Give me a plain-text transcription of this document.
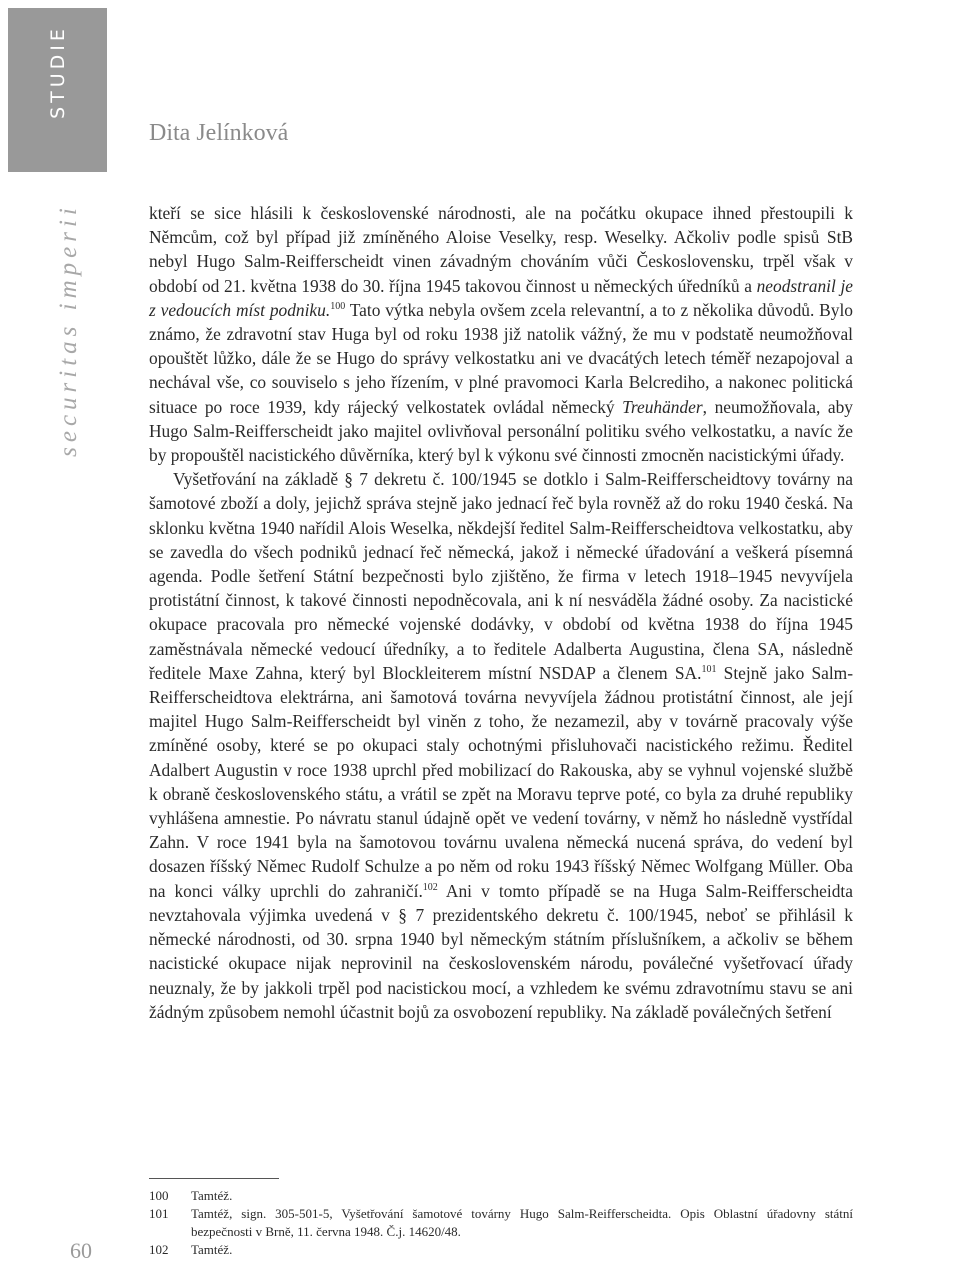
STUDIE
Dita Jelínková
securitas imperii	kteří se sice hlásili k československé národnosti, ale na počátku okupace ihned přestoupili k Němcům, což byl případ již zmíněného Aloise Veselky, resp. Weselky. Ačkoliv podle spisů StB nebyl Hugo Salm-Reifferscheidt vinen závadným chováním vůči Československu, trpěl však v období od 21. května 1938 do 30. října 1945 takovou činnost u německých úředníků a neodstranil je z vedoucích míst podniku.$^{100}$ Tato výtka nebyla ovšem zcela relevantní, a to z několika důvodů. Bylo známo, že zdravotní stav Huga byl od roku 1938 již natolik vážný, že mu v podstatě neumožňoval opouštět lůžko, dále že se Hugo do správy velkostatku ani ve dvacátých letech téměř nezapojoval a nechával vše, co souviselo s jeho řízením, v plné pravomoci Karla Belcrediho, a nakonec politická situace po roce 1939, kdy rájecký velkostatek ovládal německý Treuhänder, neumožňovala, aby Hugo Salm-Reifferscheidt jako majitel ovlivňoval personální politiku svého velkostatku, a navíc že by propouštěl nacistického důvěrníka, který byl k výkonu své činnosti zmocněn nacistickými úřady.

Vyšetřování na základě § 7 dekretu č. 100/1945 se dotklo i Salm-Reifferscheidtovy továrny na šamotové zboží a doly, jejichž správa stejně jako jednací řeč byla rovněž až do roku 1940 česká. Na sklonku května 1940 nařídil Alois Weselka, někdejší ředitel Salm-Reifferscheidtova velkostatku, aby se zavedla do všech podniků jednací řeč německá, jakož i německé úřadování a veškerá písemná agenda. Podle šetření Státní bezpečnosti bylo zjištěno, že firma v letech 1918–1945 nevyvíjela protistátní činnost, k takové činnosti nepodněcovala, ani k ní nesváděla žádné osoby. Za nacistické okupace pracovala pro německé vojenské dodávky, v období od května 1938 do října 1945 zaměstnávala německé vedoucí úředníky, a to ředitele Adalberta Augustina, člena SA, následně ředitele Maxe Zahna, který byl Blockleiterem místní NSDAP a členem SA.$^{101}$ Stejně jako Salm-Reifferscheidtova elektrárna, ani šamotová továrna nevyvíjela žádnou protistátní činnost, ale její majitel Hugo Salm-Reifferscheidt byl viněn z toho, že nezamezil, aby v továrně pracovaly výše zmíněné osoby, které se po okupaci staly ochotnými přisluhovači nacistického režimu. Ředitel Adalbert Augustin v roce 1938 uprchl před mobilizací do Rakouska, aby se vyhnul vojenské službě k obraně československého státu, a vrátil se zpět na Moravu teprve poté, co byla za druhé republiky vyhlášena amnestie. Po návratu stanul údajně opět ve vedení továrny, v němž ho následně vystřídal Zahn. V roce 1941 byla na šamotovou továrnu uvalena německá nucená správa, do vedení byl dosazen říšský Němec Rudolf Schulze a po něm od roku 1943 říšský Němec Wolfgang Müller. Oba na konci války uprchli do zahraničí.$^{102}$ Ani v tomto případě se na Huga Salm-Reifferscheidta nevztahovala výjimka uvedená v § 7 prezidentského dekretu č. 100/1945, neboť se přihlásil k německé národnosti, od 30. srpna 1940 byl německým státním příslušníkem, a ačkoliv se během nacistické okupace nijak neprovinil na československém národu, poválečné vyšetřovací úřady neuznaly, že by jakkoli trpěl pod nacistickou mocí, a vzhledem ke svému zdravotnímu stavu se ani žádným způsobem nemohl účastnit bojů za osvobození republiky. Na základě poválečných šetření

100	Tamtéž.
101	Tamtéž, sign. 305-501-5, Vyšetřování šamotové továrny Hugo Salm-Reifferscheidta. Opis Oblastní úřadovny státní bezpečnosti v Brně, 11. června 1948. Č.j. 14620/48.
102	Tamtéž.
60
